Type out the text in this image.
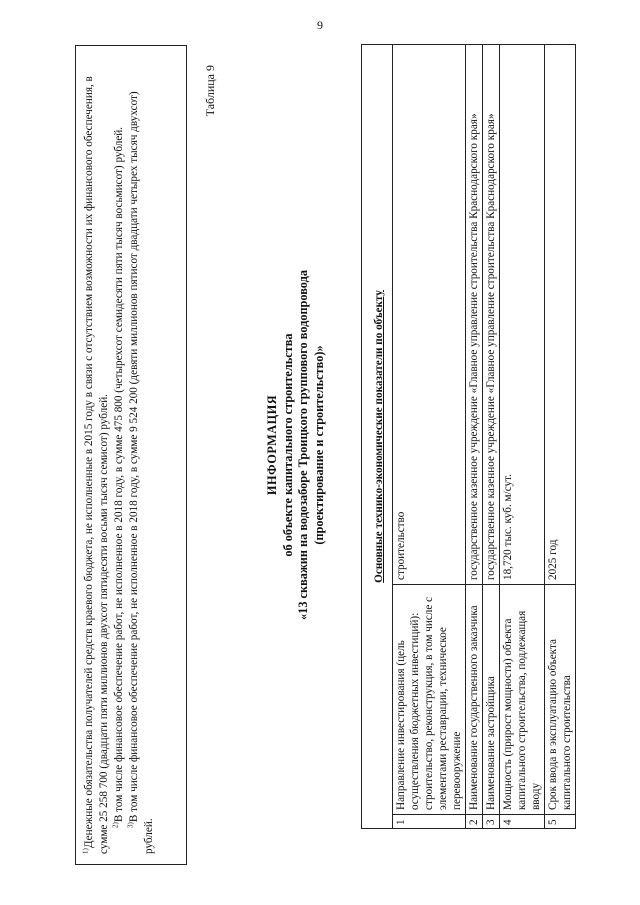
9

$^{1)}$Денежные обязательства получателей средств краевого бюджета, не исполненные в 2015 году в связи с отсутствием возможности их финансового обеспечения, в сумме 25 258 700 (двадцати пяти миллионов двухсот пятидесяти восьми тысяч семисот) рублей. $^{2)}$В том числе финансовое обеспечение работ, не исполненное в 2018 году, в сумме 475 800 (четырехсот семидесяти пяти тысяч восьмисот) рублей.

$^{3)}$В том числе финансовое обеспечение работ, не исполненное в 2018 году, в сумме 9 524 200 (девяти миллионов пятисот двадцати четырех тысяч двухсот) рублей.

Таблица 9
ИНФОРМАЦИЯ об объекте капитального строительства «13 скважин на водозаборе Троицкого группового водопровода (проектирование и строительство)»	Основные технико-экономические показатели по объекту		
1	Направление инвестирования (цель осуществления бюджетных инвестиций): строительство, реконструкция, в том числе с элементами реставрации, техническое перевооружение	строительство
2	Наименование государственного заказчика	государственное казенное учреждение «Главное управление строительства Краснодарского края»
3	Наименование застройщика	государственное казенное учреждение «Главное управление строительства Краснодарского края»
4	Мощность (прирост мощности) объекта капитального строительства, подлежащая вводу	18,720 тыс. куб. м/сут.
5	Срок ввода в эксплуатацию объекта капитального строительства	2025 год
